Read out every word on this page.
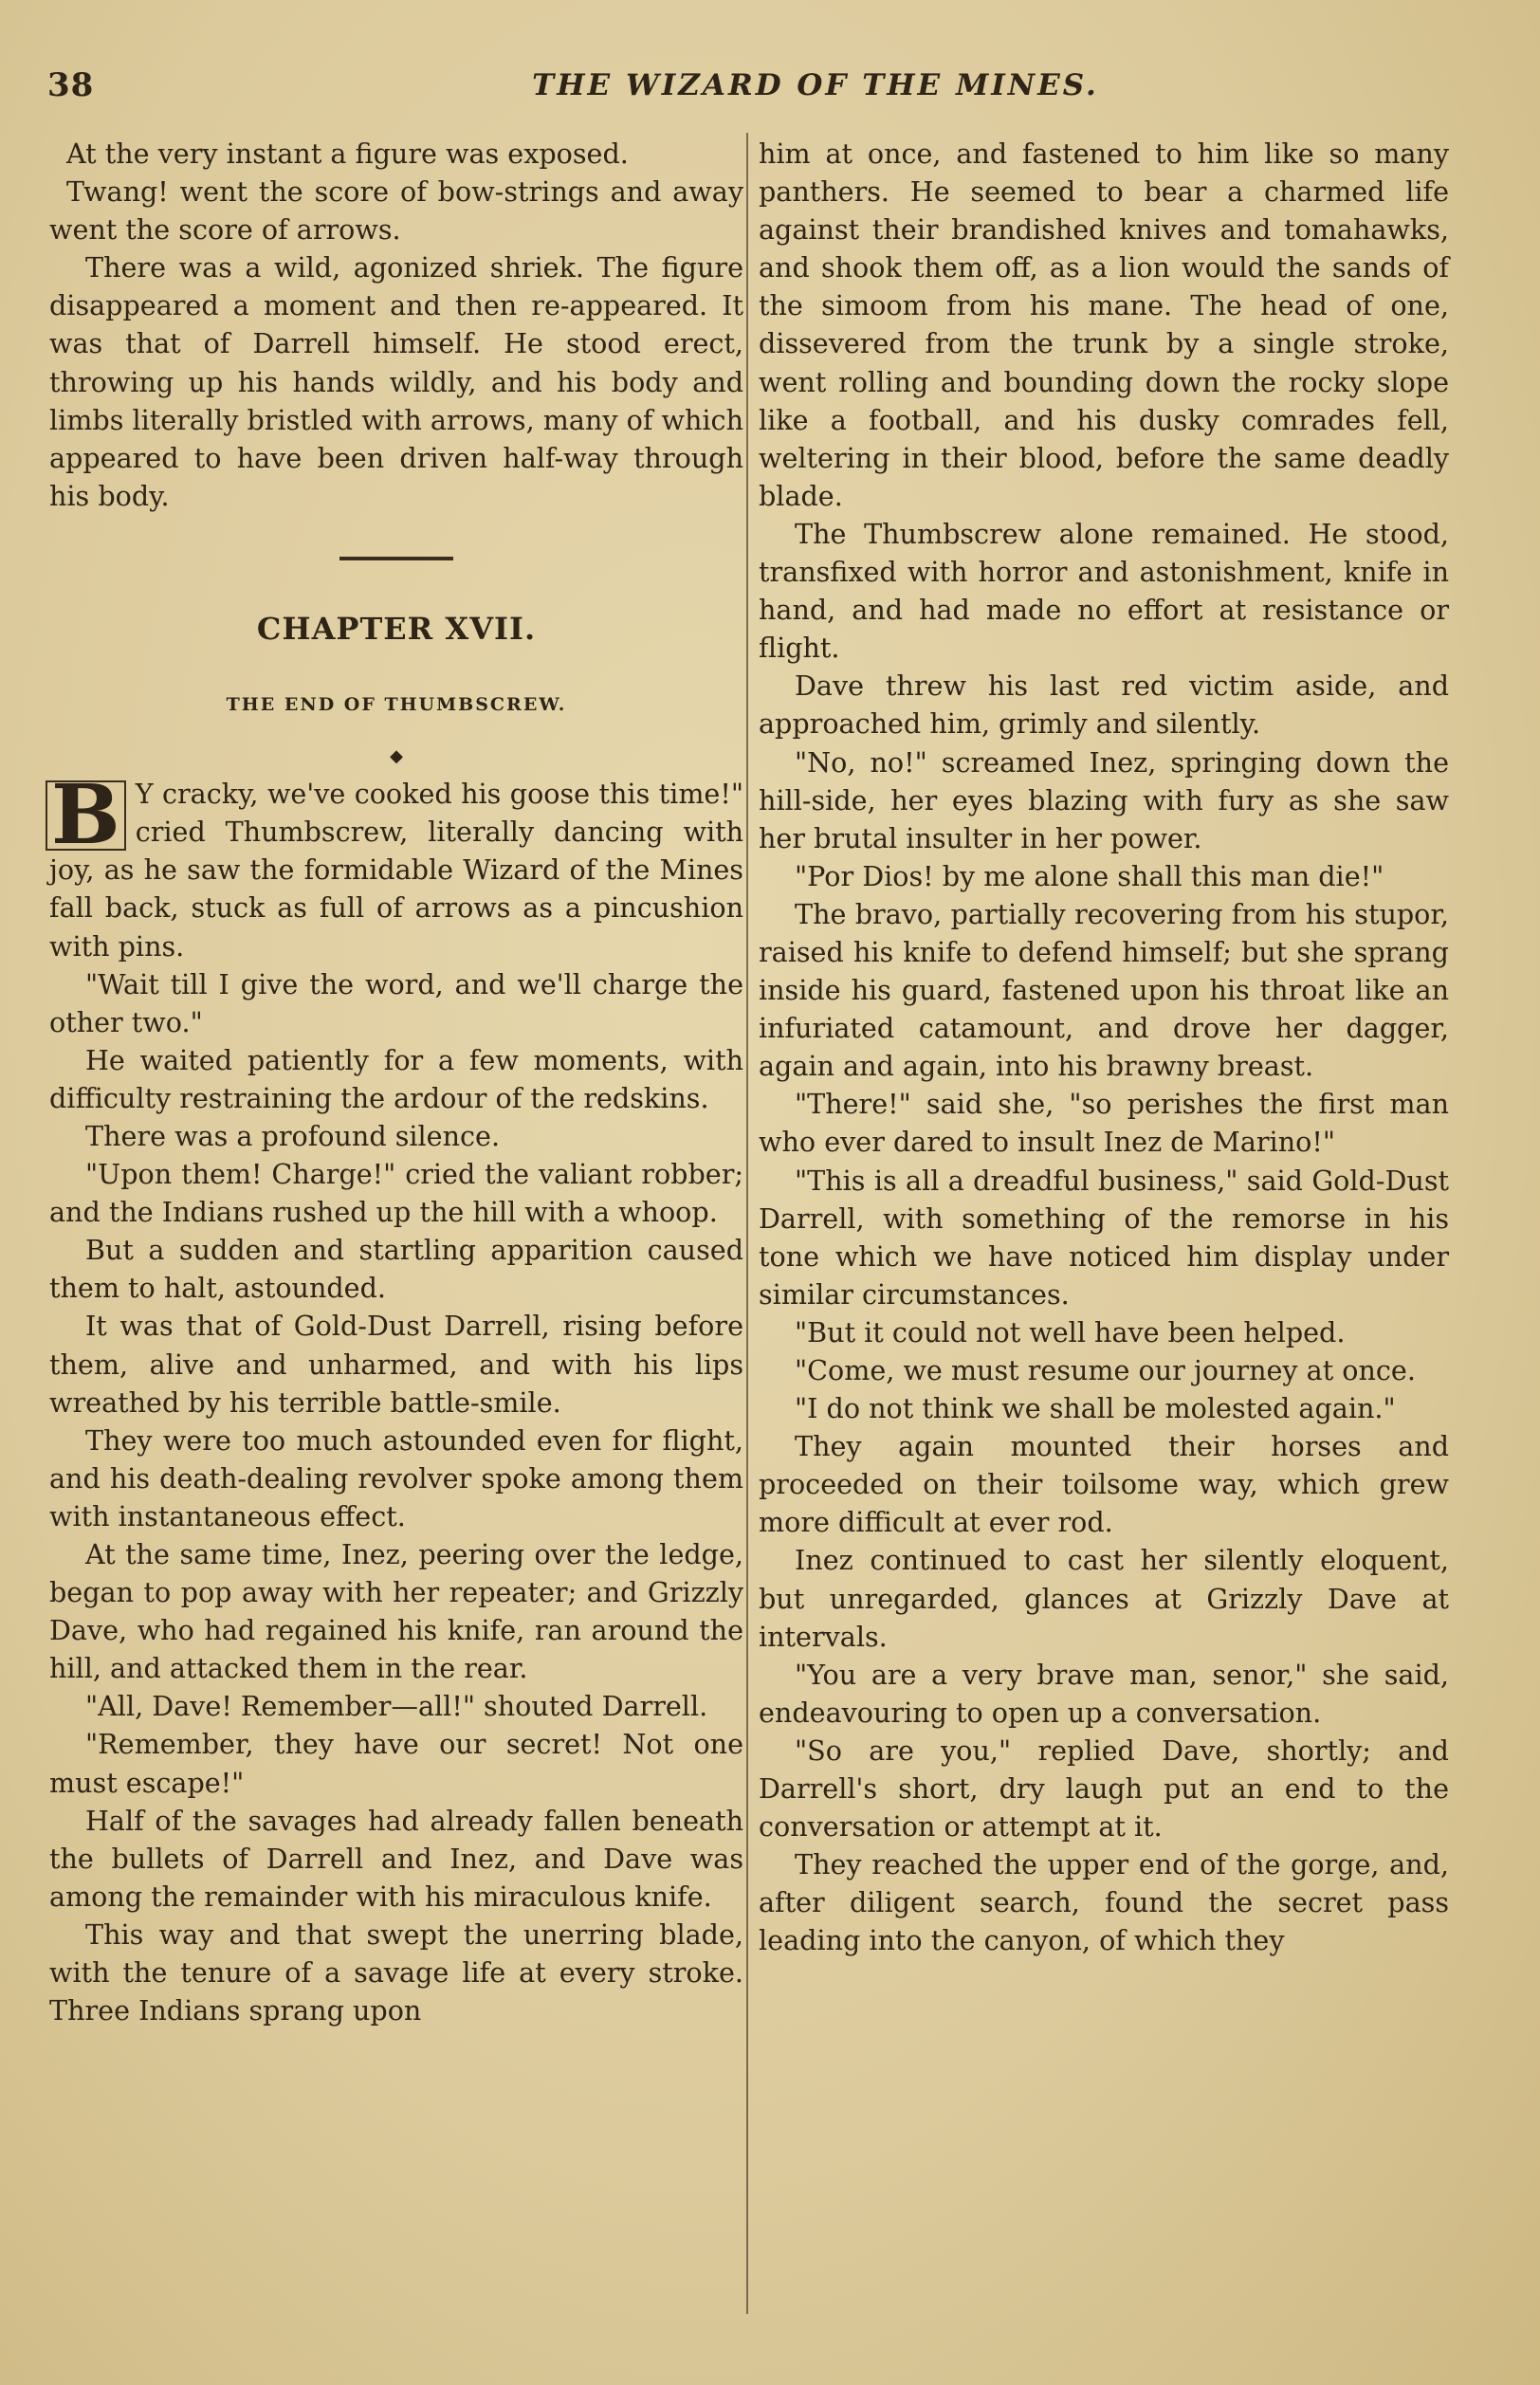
38	THE WIZARD OF THE MINES.

At the very instant a figure was exposed.

Twang! went the score of bow-strings and away went the score of arrows.

There was a wild, agonized shriek. The figure disappeared a moment and then re-appeared. It was that of Darrell himself. He stood erect, throwing up his hands wildly, and his body and limbs literally bristled with arrows, many of which appeared to have been driven half-way through his body.

CHAPTER XVII.
THE END OF THUMBSCREW.
◆

B Y cracky, we've cooked his goose this time!" cried Thumbscrew, literally dancing with joy, as he saw the formidable Wizard of the Mines fall back, stuck as full of arrows as a pincushion with pins.

"Wait till I give the word, and we'll charge the other two."

He waited patiently for a few moments, with difficulty restraining the ardour of the redskins.

There was a profound silence.

"Upon them! Charge!" cried the valiant robber; and the Indians rushed up the hill with a whoop.

But a sudden and startling apparition caused them to halt, astounded.

It was that of Gold-Dust Darrell, rising before them, alive and unharmed, and with his lips wreathed by his terrible battle-smile.

They were too much astounded even for flight, and his death-dealing revolver spoke among them with instantaneous effect.

At the same time, Inez, peering over the ledge, began to pop away with her repeater; and Grizzly Dave, who had regained his knife, ran around the hill, and attacked them in the rear.

"All, Dave! Remember—all!" shouted Darrell.

"Remember, they have our secret! Not one must escape!"

Half of the savages had already fallen beneath the bullets of Darrell and Inez, and Dave was among the remainder with his miraculous knife.

This way and that swept the unerring blade, with the tenure of a savage life at every stroke. Three Indians sprang upon

him at once, and fastened to him like so many panthers. He seemed to bear a charmed life against their brandished knives and tomahawks, and shook them off, as a lion would the sands of the simoom from his mane. The head of one, dissevered from the trunk by a single stroke, went rolling and bounding down the rocky slope like a football, and his dusky comrades fell, weltering in their blood, before the same deadly blade.

The Thumbscrew alone remained. He stood, transfixed with horror and astonishment, knife in hand, and had made no effort at resistance or flight.

Dave threw his last red victim aside, and approached him, grimly and silently.

"No, no!" screamed Inez, springing down the hill-side, her eyes blazing with fury as she saw her brutal insulter in her power.

"Por Dios! by me alone shall this man die!"

The bravo, partially recovering from his stupor, raised his knife to defend himself; but she sprang inside his guard, fastened upon his throat like an infuriated catamount, and drove her dagger, again and again, into his brawny breast.

"There!" said she, "so perishes the first man who ever dared to insult Inez de Marino!"

"This is all a dreadful business," said Gold-Dust Darrell, with something of the remorse in his tone which we have noticed him display under similar circumstances.

"But it could not well have been helped.

"Come, we must resume our journey at once.

"I do not think we shall be molested again."

They again mounted their horses and proceeded on their toilsome way, which grew more difficult at ever rod.

Inez continued to cast her silently eloquent, but unregarded, glances at Grizzly Dave at intervals.

"You are a very brave man, senor," she said, endeavouring to open up a conversation.

"So are you," replied Dave, shortly; and Darrell's short, dry laugh put an end to the conversation or attempt at it.

They reached the upper end of the gorge, and, after diligent search, found the secret pass leading into the canyon, of which they
